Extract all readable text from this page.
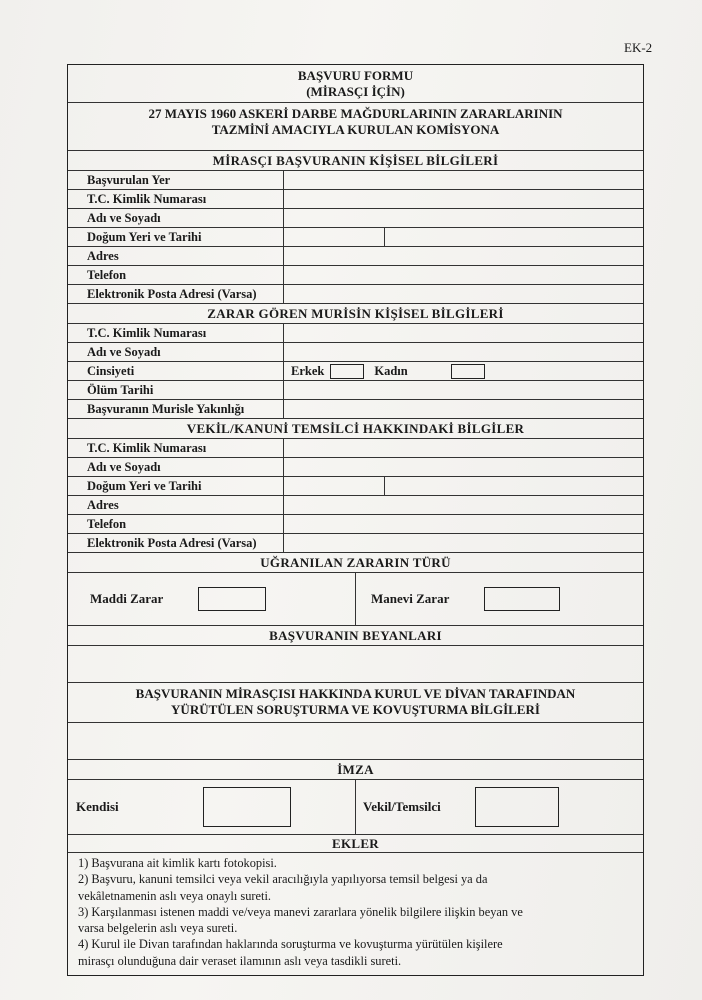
EK-2
BAŞVURU FORMU
(MİRASÇI İÇİN)
27 MAYIS 1960 ASKERİ DARBE MAĞDURLARININ ZARARLARININ
TAZMİNİ AMACIYLA KURULAN KOMİSYONA
MİRASÇI BAŞVURANIN KİŞİSEL BİLGİLERİ
Başvurulan Yer
T.C. Kimlik Numarası
Adı ve Soyadı
Doğum Yeri ve Tarihi
Adres
Telefon
Elektronik Posta Adresi (Varsa)
ZARAR GÖREN MURİSİN KİŞİSEL BİLGİLERİ
T.C. Kimlik Numarası
Adı ve Soyadı
Cinsiyeti	Erkek	Kadın
Ölüm Tarihi
Başvuranın Murisle Yakınlığı
VEKİL/KANUNİ TEMSİLCİ HAKKINDAKİ BİLGİLER
T.C. Kimlik Numarası
Adı ve Soyadı
Doğum Yeri ve Tarihi
Adres
Telefon
Elektronik Posta Adresi (Varsa)
UĞRANILAN ZARARIN TÜRÜ
Maddi Zarar	Manevi Zarar
BAŞVURANIN BEYANLARI
BAŞVURANIN MİRASÇISI HAKKINDA KURUL VE DİVAN TARAFINDAN
YÜRÜTÜLEN SORUŞTURMA VE KOVUŞTURMA BİLGİLERİ
İMZA
Kendisi	Vekil/Temsilci
EKLER
1) Başvurana ait kimlik kartı fotokopisi.
2) Başvuru, kanuni temsilci veya vekil aracılığıyla yapılıyorsa temsil belgesi ya da
vekâletnamenin aslı veya onaylı sureti.
3) Karşılanması istenen maddi ve/veya manevi zararlara yönelik bilgilere ilişkin beyan ve
varsa belgelerin aslı veya sureti.
4) Kurul ile Divan tarafından haklarında soruşturma ve kovuşturma yürütülen kişilere
mirasçı olunduğuna dair veraset ilamının aslı veya tasdikli sureti.
